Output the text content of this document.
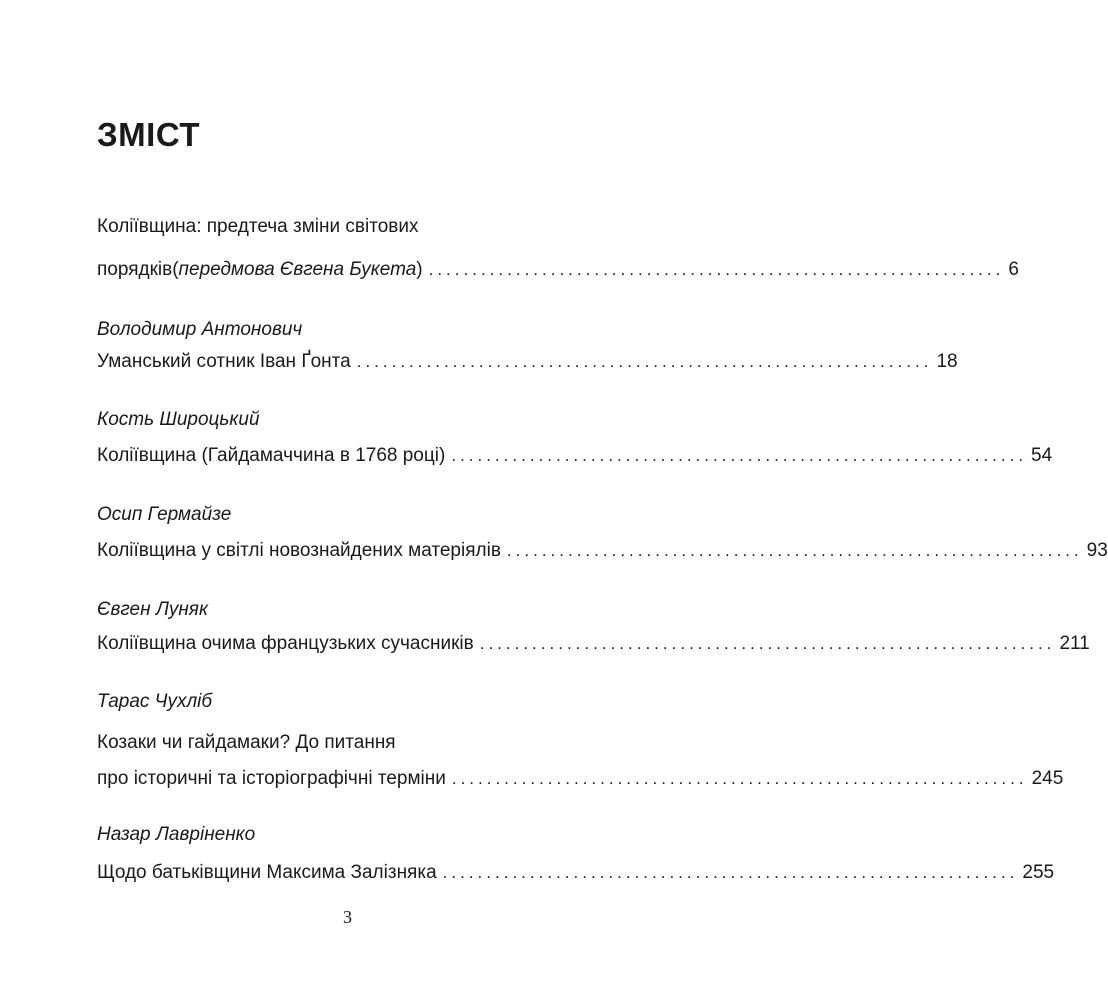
ЗМІСТ
Коліївщина: предтеча зміни світових
порядків(передмова Євгена Букета) .................................................................. 6
Володимир Антонович
Уманський сотник Іван Ґонта .................................................................. 18
Кость Широцький
Коліївщина (Гайдамаччина в 1768 році) .................................................................. 54
Осип Гермайзе
Коліївщина у світлі новознайдених матеріялів .................................................................. 93
Євген Луняк
Коліївщина очима французьких сучасників .................................................................. 211
Тарас Чухліб
Козаки чи гайдамаки? До питання
про історичні та історіографічні терміни .................................................................. 245
Назар Лавріненко
Щодо батьківщини Максима Залізняка .................................................................. 255
3
